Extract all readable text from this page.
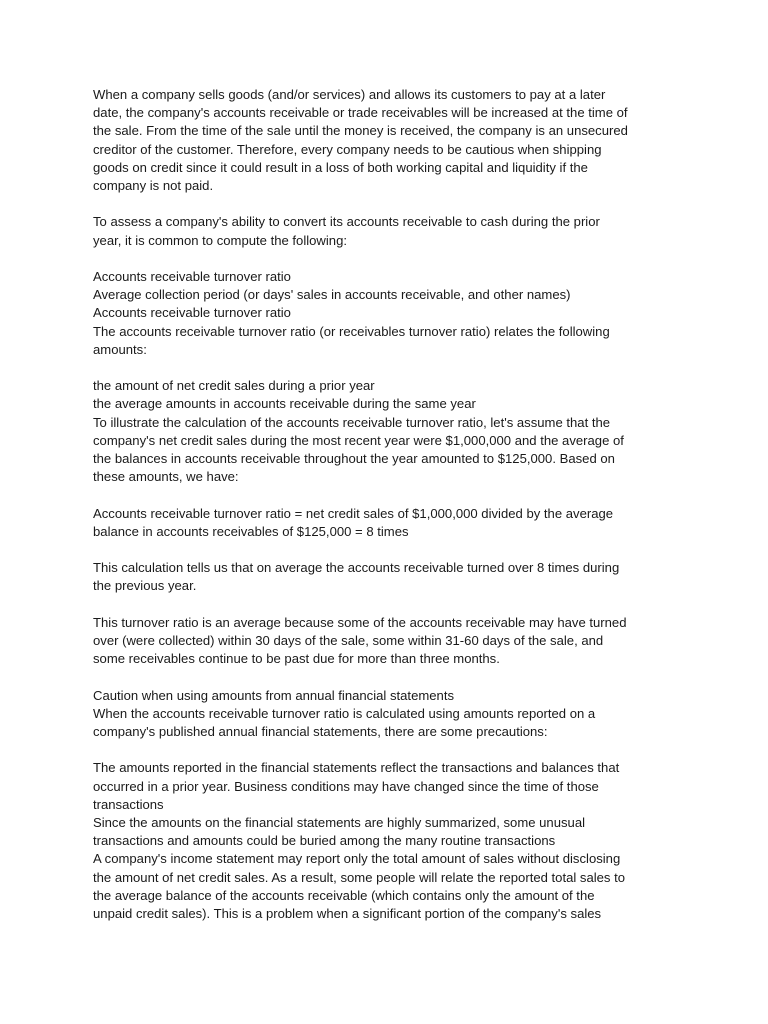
When a company sells goods (and/or services) and allows its customers to pay at a later
date, the company's accounts receivable or trade receivables will be increased at the time of
the sale. From the time of the sale until the money is received, the company is an unsecured
creditor of the customer. Therefore, every company needs to be cautious when shipping
goods on credit since it could result in a loss of both working capital and liquidity if the
company is not paid.
To assess a company's ability to convert its accounts receivable to cash during the prior
year, it is common to compute the following:
Accounts receivable turnover ratio
Average collection period (or days' sales in accounts receivable, and other names)
Accounts receivable turnover ratio
The accounts receivable turnover ratio (or receivables turnover ratio) relates the following
amounts:
the amount of net credit sales during a prior year
the average amounts in accounts receivable during the same year
To illustrate the calculation of the accounts receivable turnover ratio, let's assume that the
company's net credit sales during the most recent year were $1,000,000 and the average of
the balances in accounts receivable throughout the year amounted to $125,000. Based on
these amounts, we have:
Accounts receivable turnover ratio = net credit sales of $1,000,000 divided by the average
balance in accounts receivables of $125,000 = 8 times
This calculation tells us that on average the accounts receivable turned over 8 times during
the previous year.
This turnover ratio is an average because some of the accounts receivable may have turned
over (were collected) within 30 days of the sale, some within 31-60 days of the sale, and
some receivables continue to be past due for more than three months.
Caution when using amounts from annual financial statements
When the accounts receivable turnover ratio is calculated using amounts reported on a
company's published annual financial statements, there are some precautions:
The amounts reported in the financial statements reflect the transactions and balances that
occurred in a prior year. Business conditions may have changed since the time of those
transactions
Since the amounts on the financial statements are highly summarized, some unusual
transactions and amounts could be buried among the many routine transactions
A company's income statement may report only the total amount of sales without disclosing
the amount of net credit sales. As a result, some people will relate the reported total sales to
the average balance of the accounts receivable (which contains only the amount of the
unpaid credit sales). This is a problem when a significant portion of the company's sales
